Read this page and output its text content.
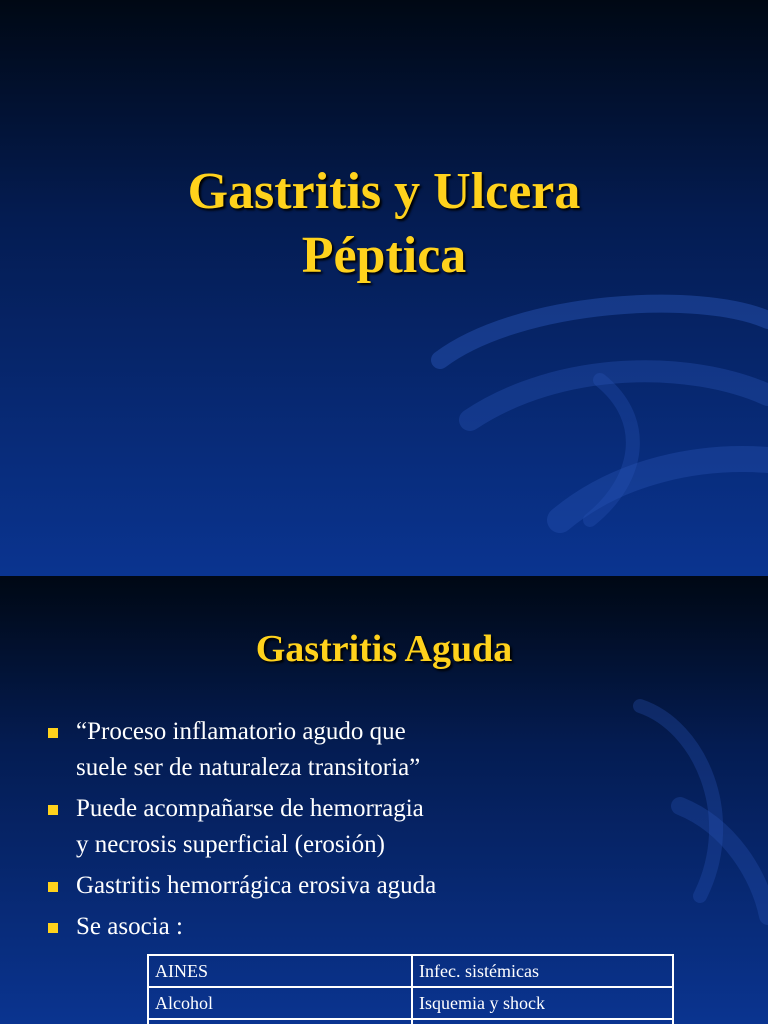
Gastritis y Ulcera
Péptica
Gastritis Aguda
“Proceso inflamatorio agudo que
suele ser de naturaleza transitoria”
Puede acompañarse de hemorragia
y necrosis superficial (erosión)
Gastritis hemorrágica erosiva aguda
Se asocia :
AINES	Infec. sistémicas
Alcohol	Isquemia y shock
